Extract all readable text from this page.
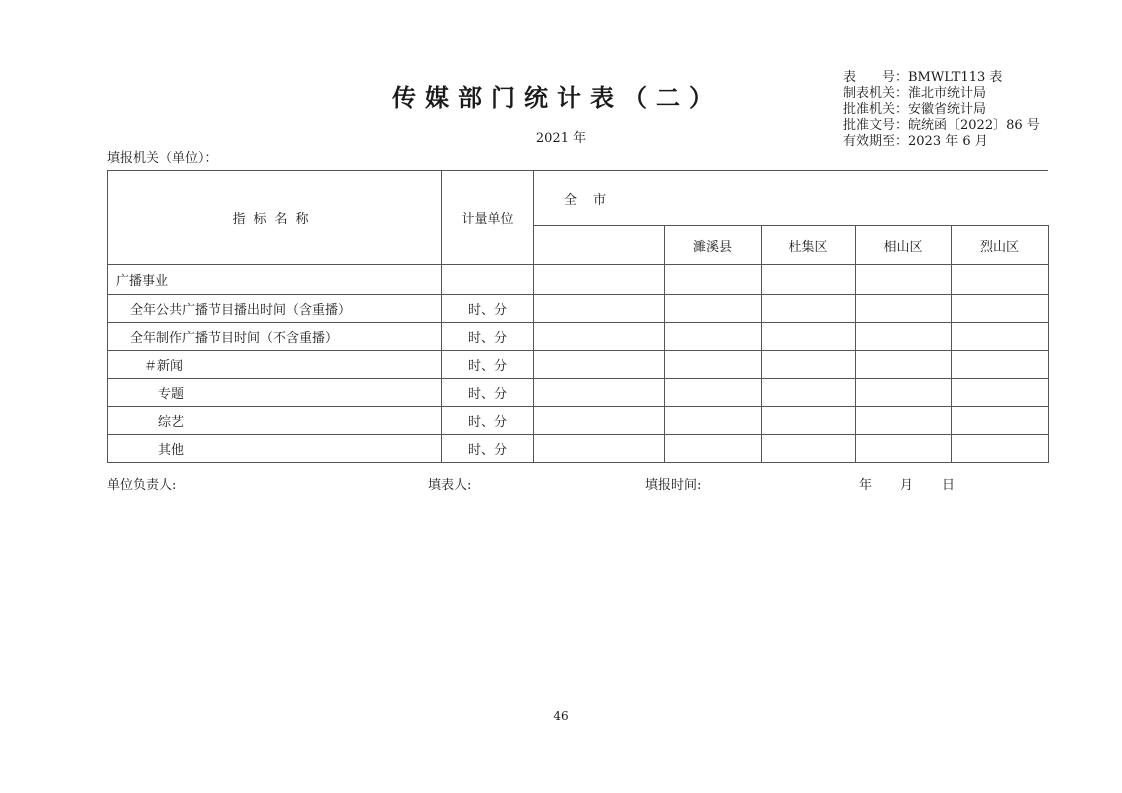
传媒部门统计表（二）
2021 年
表　　号：BMWLT113 表
制表机关：淮北市统计局
批准机关：安徽省统计局
批准文号：皖统函〔2022〕86 号
有效期至：2023 年 6 月
填报机关（单位）：
指标名称	计量单位	全市				
			濉溪县	杜集区	相山区	烈山区
广播事业						
全年公共广播节目播出时间（含重播）	时、分					
全年制作广播节目时间（不含重播）	时、分					
＃新闻	时、分					
专题	时、分					
综艺	时、分					
其他	时、分					
单位负责人:	填表人:	填报时间:	年 月 日
46
